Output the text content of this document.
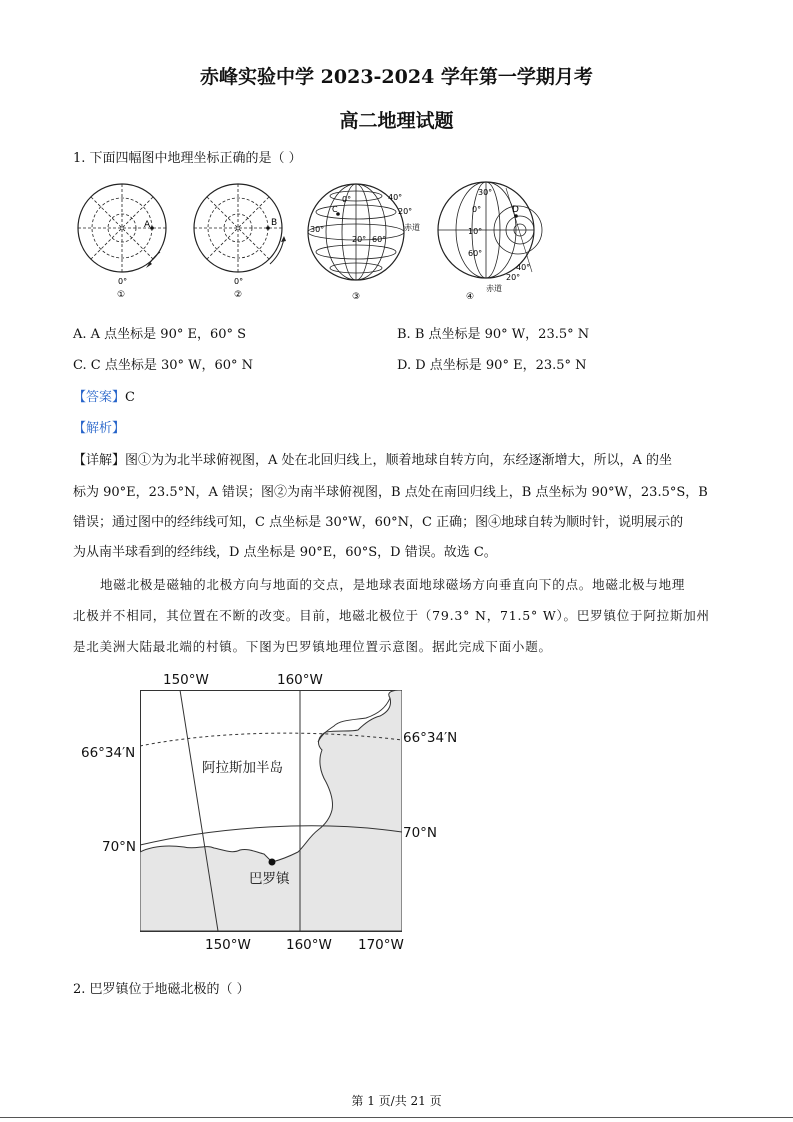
赤峰实验中学 2023-2024 学年第一学期月考
高二地理试题
1. 下面四幅图中地理坐标正确的是（ ）
A
0°
①
B
0°
②
C
40°
20°
0°
30°
20° 60°
赤道
③
30°
0°
10°
60°
D
40°
20°
赤道
④
A. A 点坐标是 90° E，60° S	B. B 点坐标是 90° W，23.5° N
C. C 点坐标是 30° W，60° N	D. D 点坐标是 90° E，23.5° N
【答案】C
【解析】
【详解】图①为为北半球俯视图，A 处在北回归线上，顺着地球自转方向，东经逐渐增大，所以，A 的坐
标为 90°E，23.5°N，A 错误；图②为南半球俯视图，B 点处在南回归线上，B 点坐标为 90°W，23.5°S，B
错误；通过图中的经纬线可知，C 点坐标是 30°W，60°N，C 正确；图④地球自转为顺时针，说明展示的
为从南半球看到的经纬线，D 点坐标是 90°E，60°S，D 错误。故选 C。
地磁北极是磁轴的北极方向与地面的交点，是地球表面地球磁场方向垂直向下的点。地磁北极与地理
北极并不相同，其位置在不断的改变。目前，地磁北极位于（79.3° N，71.5° W）。巴罗镇位于阿拉斯加州
是北美洲大陆最北端的村镇。下图为巴罗镇地理位置示意图。据此完成下面小题。
150°W	160°W
66°34′N
66°34′N
阿拉斯加半岛
70°N
70°N
巴罗镇
150°W	160°W 170°W
2. 巴罗镇位于地磁北极的（ ）
第 1 页/共 21 页
